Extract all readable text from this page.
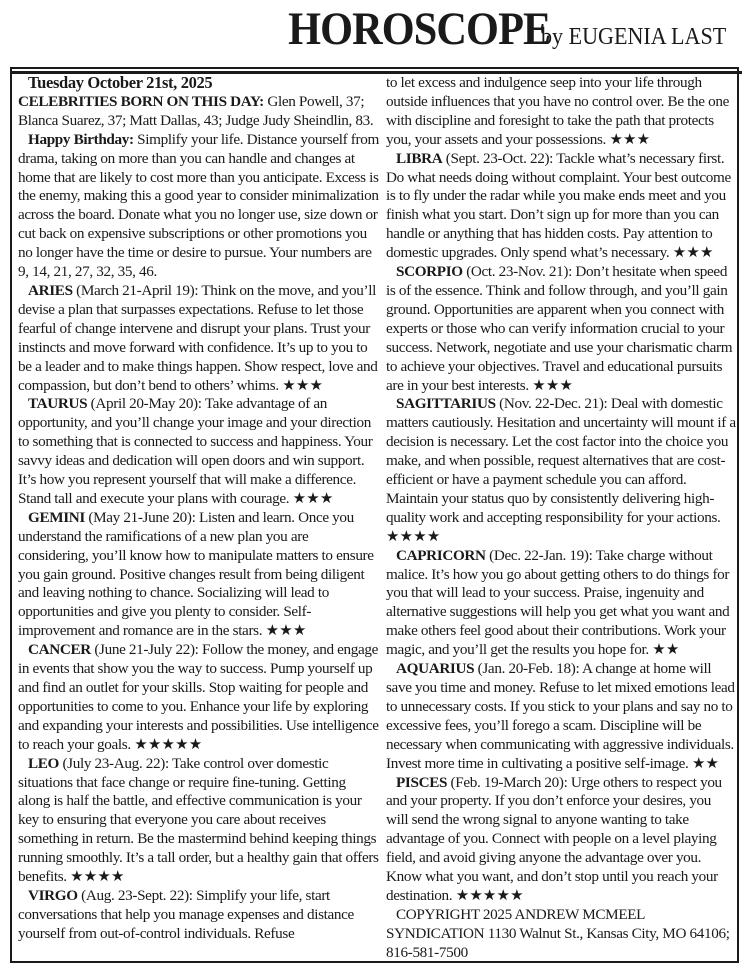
HOROSCOPE by EUGENIA LAST

Tuesday October 21st, 2025

CELEBRITIES BORN ON THIS DAY: Glen Powell, 37; Blanca Suarez, 37; Matt Dallas, 43; Judge Judy Sheindlin, 83.

Happy Birthday: Simplify your life. Distance yourself from drama, taking on more than you can handle and changes at home that are likely to cost more than you anticipate. Excess is the enemy, making this a good year to consider minimalization across the board. Donate what you no longer use, size down or cut back on expensive subscriptions or other promotions you no longer have the time or desire to pursue. Your numbers are 9, 14, 21, 27, 32, 35, 46.

ARIES (March 21-April 19): Think on the move, and you’ll devise a plan that surpasses expectations. Refuse to let those fearful of change intervene and disrupt your plans. Trust your instincts and move forward with confidence. It’s up to you to be a leader and to make things happen. Show respect, love and compassion, but don’t bend to others’ whims. ★★★

TAURUS (April 20-May 20): Take advantage of an opportunity, and you’ll change your image and your direction to something that is connected to success and happiness. Your savvy ideas and dedication will open doors and win support. It’s how you represent yourself that will make a difference. Stand tall and execute your plans with courage. ★★★

GEMINI (May 21-June 20): Listen and learn. Once you understand the ramifications of a new plan you are considering, you’ll know how to manipulate matters to ensure you gain ground. Positive changes result from being diligent and leaving nothing to chance. Socializing will lead to opportunities and give you plenty to consider. Self-improvement and romance are in the stars. ★★★

CANCER (June 21-July 22): Follow the money, and engage in events that show you the way to success. Pump yourself up and find an outlet for your skills. Stop waiting for people and opportunities to come to you. Enhance your life by exploring and expanding your interests and possibilities. Use intelligence to reach your goals. ★★★★★

LEO (July 23-Aug. 22): Take control over domestic situations that face change or require fine-tuning. Getting along is half the battle, and effective communication is your key to ensuring that everyone you care about receives something in return. Be the mastermind behind keeping things running smoothly. It’s a tall order, but a healthy gain that offers benefits. ★★★★

VIRGO (Aug. 23-Sept. 22): Simplify your life, start conversations that help you manage expenses and distance yourself from out-of-control individuals. Refuse

to let excess and indulgence seep into your life through outside influences that you have no control over. Be the one with discipline and foresight to take the path that protects you, your assets and your possessions. ★★★

LIBRA (Sept. 23-Oct. 22): Tackle what’s necessary first. Do what needs doing without complaint. Your best outcome is to fly under the radar while you make ends meet and you finish what you start. Don’t sign up for more than you can handle or anything that has hidden costs. Pay attention to domestic upgrades. Only spend what’s necessary. ★★★

SCORPIO (Oct. 23-Nov. 21): Don’t hesitate when speed is of the essence. Think and follow through, and you’ll gain ground. Opportunities are apparent when you connect with experts or those who can verify information crucial to your success. Network, negotiate and use your charismatic charm to achieve your objectives. Travel and educational pursuits are in your best interests. ★★★

SAGITTARIUS (Nov. 22-Dec. 21): Deal with domestic matters cautiously. Hesitation and uncertainty will mount if a decision is necessary. Let the cost factor into the choice you make, and when possible, request alternatives that are cost-efficient or have a payment schedule you can afford. Maintain your status quo by consistently delivering high-quality work and accepting responsibility for your actions. ★★★★

CAPRICORN (Dec. 22-Jan. 19): Take charge without malice. It’s how you go about getting others to do things for you that will lead to your success. Praise, ingenuity and alternative suggestions will help you get what you want and make others feel good about their contributions. Work your magic, and you’ll get the results you hope for. ★★

AQUARIUS (Jan. 20-Feb. 18): A change at home will save you time and money. Refuse to let mixed emotions lead to unnecessary costs. If you stick to your plans and say no to excessive fees, you’ll forego a scam. Discipline will be necessary when communicating with aggressive individuals. Invest more time in cultivating a positive self-image. ★★

PISCES (Feb. 19-March 20): Urge others to respect you and your property. If you don’t enforce your desires, you will send the wrong signal to anyone wanting to take advantage of you. Connect with people on a level playing field, and avoid giving anyone the advantage over you. Know what you want, and don’t stop until you reach your destination. ★★★★★

COPYRIGHT 2025 ANDREW MCMEEL SYNDICATION 1130 Walnut St., Kansas City, MO 64106; 816-581-7500
